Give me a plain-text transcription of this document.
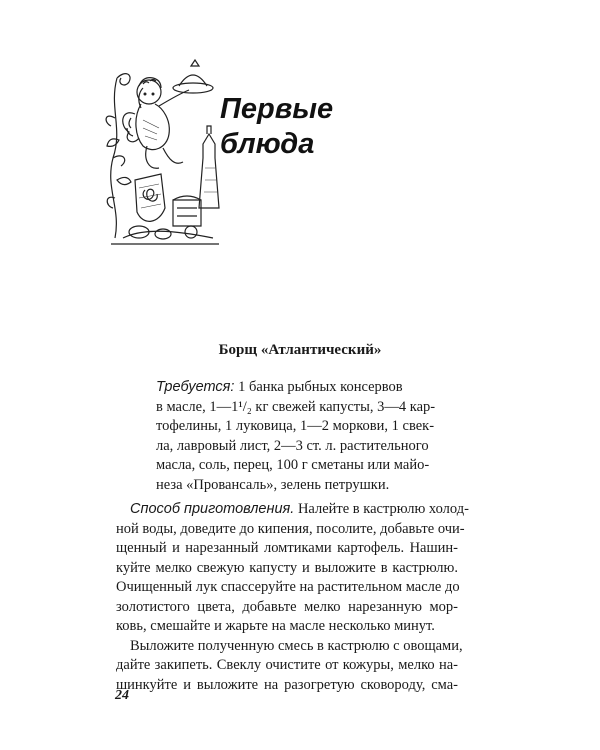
Первые
блюда
Борщ «Атлантический»
Требуется: 1 банка рыбных консервов
в масле, 1—1¹/₂ кг свежей капусты, 3—4 кар-
тофелины, 1 луковица, 1—2 моркови, 1 свек-
ла, лавровый лист, 2—3 ст. л. растительного
масла, соль, перец, 100 г сметаны или майо-
неза «Провансаль», зелень петрушки.
Способ приготовления. Налейте в кастрюлю холод-
ной воды, доведите до кипения, посолите, добавьте очи-
щенный и нарезанный ломтиками картофель. Нашин-
куйте мелко свежую капусту и выложите в кастрюлю.
Очищенный лук спассеруйте на растительном масле до
золотистого цвета, добавьте мелко нарезанную мор-
ковь, смешайте и жарьте на масле несколько минут.
Выложите полученную смесь в кастрюлю с овощами,
дайте закипеть. Свеклу очистите от кожуры, мелко на-
шинкуйте и выложите на разогретую сковороду, сма-
24
